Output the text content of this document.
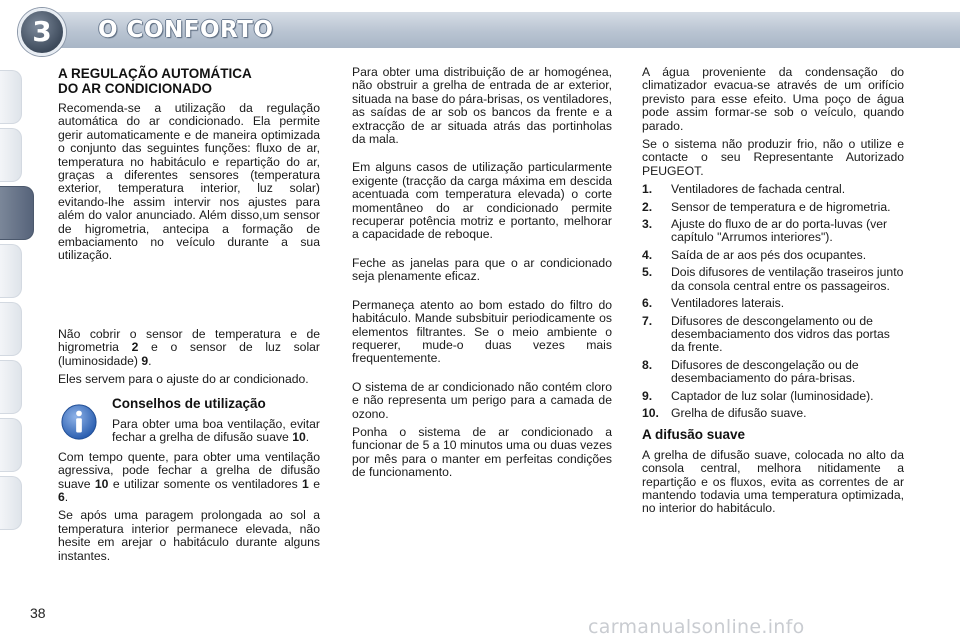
3	O CONFORTO
A REGULAÇÃO AUTOMÁTICA
DO AR CONDICIONADO

Recomenda-se a utilização da regulação automática do ar condicionado. Ela permite gerir automaticamente e de maneira optimizada o conjunto das seguintes funções: fluxo de ar, temperatura no habitáculo e repartição do ar, graças a diferentes sensores (temperatura exterior, temperatura interior, luz solar) evitando-lhe assim intervir nos ajustes para além do valor anunciado. Além disso,um sensor de higrometria, antecipa a formação de embaciamento no veículo durante a sua utilização.

Não cobrir o sensor de temperatura e de higrometria 2 e o sensor de luz solar (luminosidade) 9.

Eles servem para o ajuste do ar condicionado.

Conselhos de utilização

Para obter uma boa ventilação, evitar fechar a grelha de difusão suave 10.

Com tempo quente, para obter uma ventilação agressiva, pode fechar a grelha de difusão suave 10 e utilizar somente os ventiladores 1 e 6.

Se após uma paragem prolongada ao sol a temperatura interior permanece elevada, não hesite em arejar o habitáculo durante alguns instantes.

Para obter uma distribuição de ar homogénea, não obstruir a grelha de entrada de ar exterior, situada na base do pára-brisas, os ventiladores, as saídas de ar sob os bancos da frente e a extracção de ar situada atrás das portinholas da mala.

Em alguns casos de utilização particularmente exigente (tracção da carga máxima em descida acentuada com temperatura elevada) o corte momentâneo do ar condicionado permite recuperar potência motriz e portanto, melhorar a capacidade de reboque.

Feche as janelas para que o ar condicionado seja plenamente eficaz.

Permaneça atento ao bom estado do filtro do habitáculo. Mande subsbituir periodicamente os elementos filtrantes. Se o meio ambiente o requerer, mude-o duas vezes mais frequentemente.

O sistema de ar condicionado não contém cloro e não representa um perigo para a camada de ozono.

Ponha o sistema de ar condicionado a funcionar de 5 a 10 minutos uma ou duas vezes por mês para o manter em perfeitas condições de funcionamento.

A água proveniente da condensação do climatizador evacua-se através de um orifício previsto para esse efeito. Uma poço de água pode assim formar-se sob o veículo, quando parado.

Se o sistema não produzir frio, não o utilize e contacte o seu Representante Autorizado PEUGEOT.

1. Ventiladores de fachada central.
2. Sensor de temperatura e de higrometria.
3. Ajuste do fluxo de ar do porta-luvas (ver capítulo "Arrumos interiores").
4. Saída de ar aos pés dos ocupantes.
5. Dois difusores de ventilação traseiros junto da consola central entre os passageiros.
6. Ventiladores laterais.
7. Difusores de descongelamento ou de desembaciamento dos vidros das portas da frente.
8. Difusores de descongelação ou de desembaciamento do pára-brisas.
9. Captador de luz solar (luminosidade).
10. Grelha de difusão suave.
A difusão suave

A grelha de difusão suave, colocada no alto da consola central, melhora nitidamente a repartição e os fluxos, evita as correntes de ar mantendo todavia uma temperatura optimizada, no interior do habitáculo.

38
carmanualsonline.info
